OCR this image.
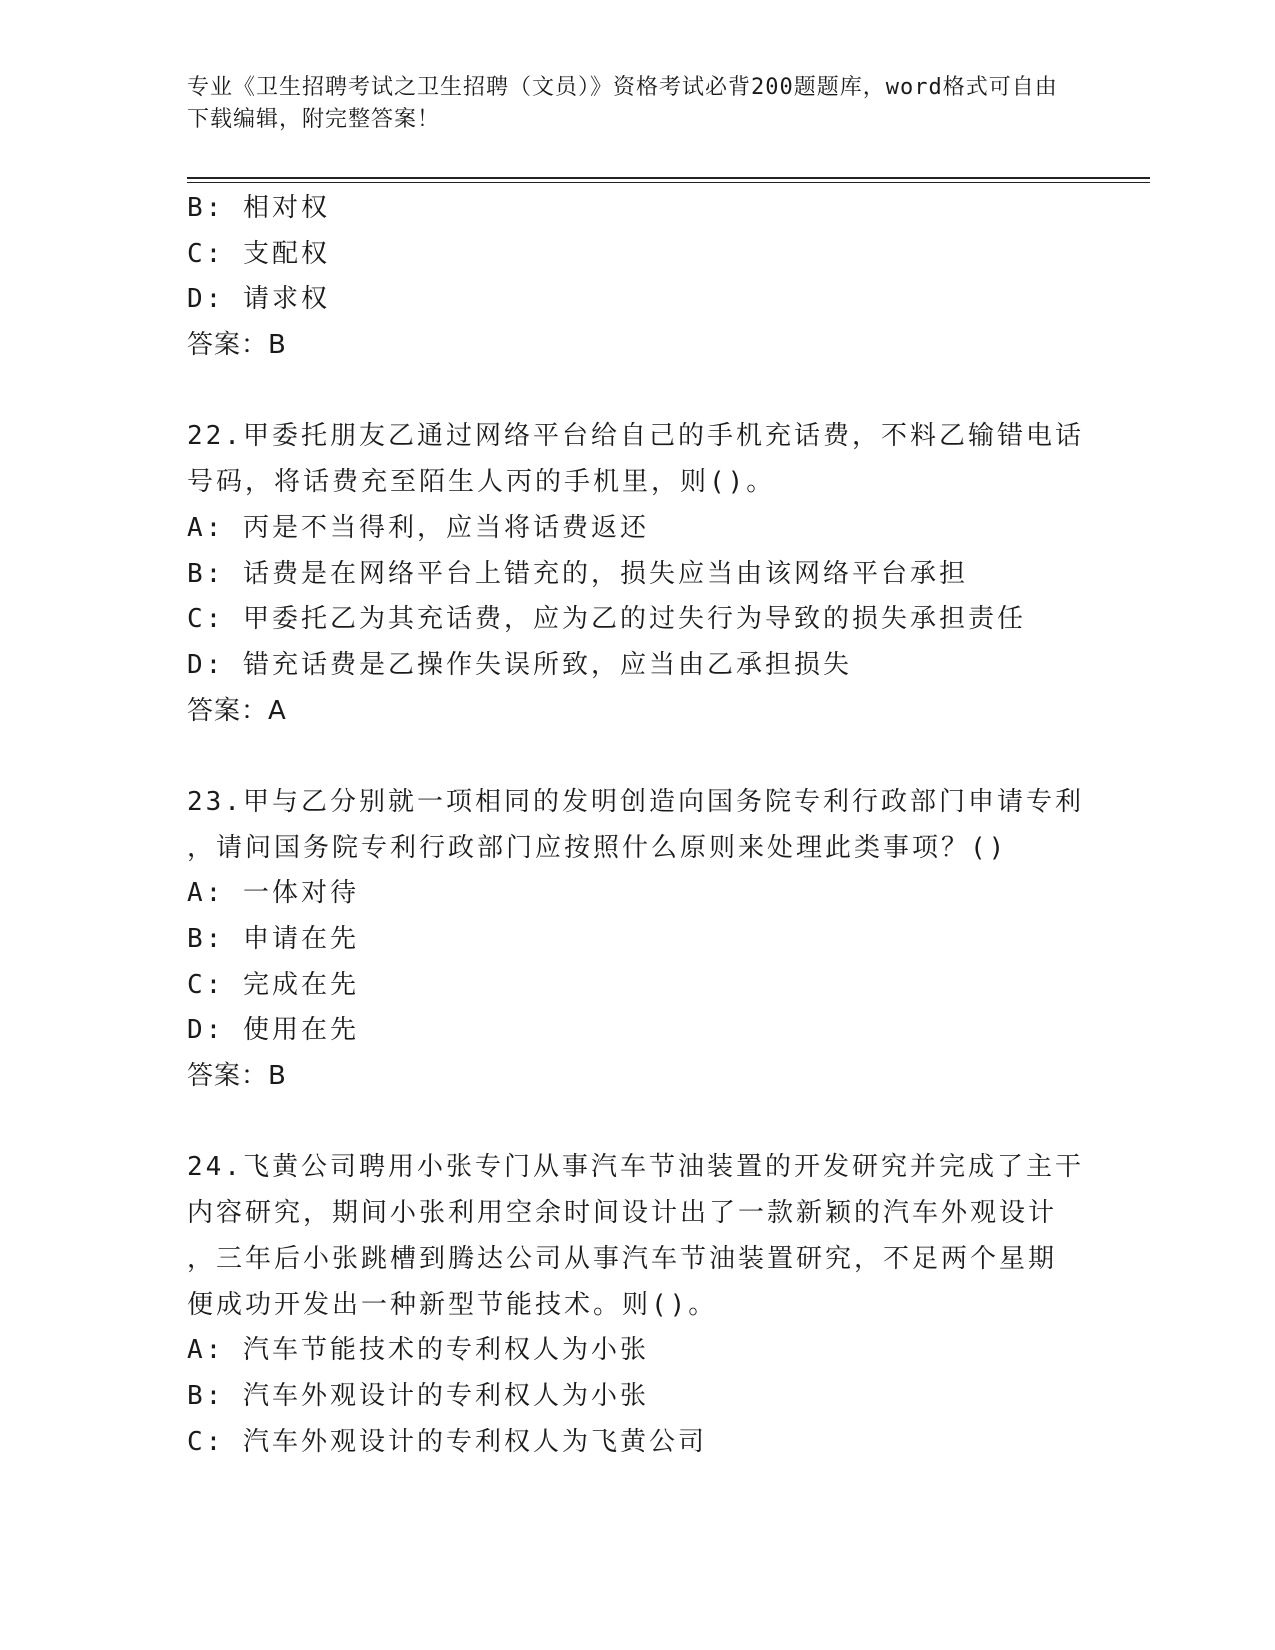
专业《卫生招聘考试之卫生招聘（文员）》资格考试必背200题题库，word格式可自由下载编辑，附完整答案！
B: 相对权
C: 支配权
D: 请求权
答案：B
22.甲委托朋友乙通过网络平台给自己的手机充话费，不料乙输错电话
号码，将话费充至陌生人丙的手机里，则()。
A: 丙是不当得利，应当将话费返还
B: 话费是在网络平台上错充的，损失应当由该网络平台承担
C: 甲委托乙为其充话费，应为乙的过失行为导致的损失承担责任
D: 错充话费是乙操作失误所致，应当由乙承担损失
答案：A
23.甲与乙分别就一项相同的发明创造向国务院专利行政部门申请专利
，请问国务院专利行政部门应按照什么原则来处理此类事项？()
A: 一体对待
B: 申请在先
C: 完成在先
D: 使用在先
答案：B
24.飞黄公司聘用小张专门从事汽车节油装置的开发研究并完成了主干
内容研究，期间小张利用空余时间设计出了一款新颖的汽车外观设计
，三年后小张跳槽到腾达公司从事汽车节油装置研究，不足两个星期
便成功开发出一种新型节能技术。则()。
A: 汽车节能技术的专利权人为小张
B: 汽车外观设计的专利权人为小张
C: 汽车外观设计的专利权人为飞黄公司
